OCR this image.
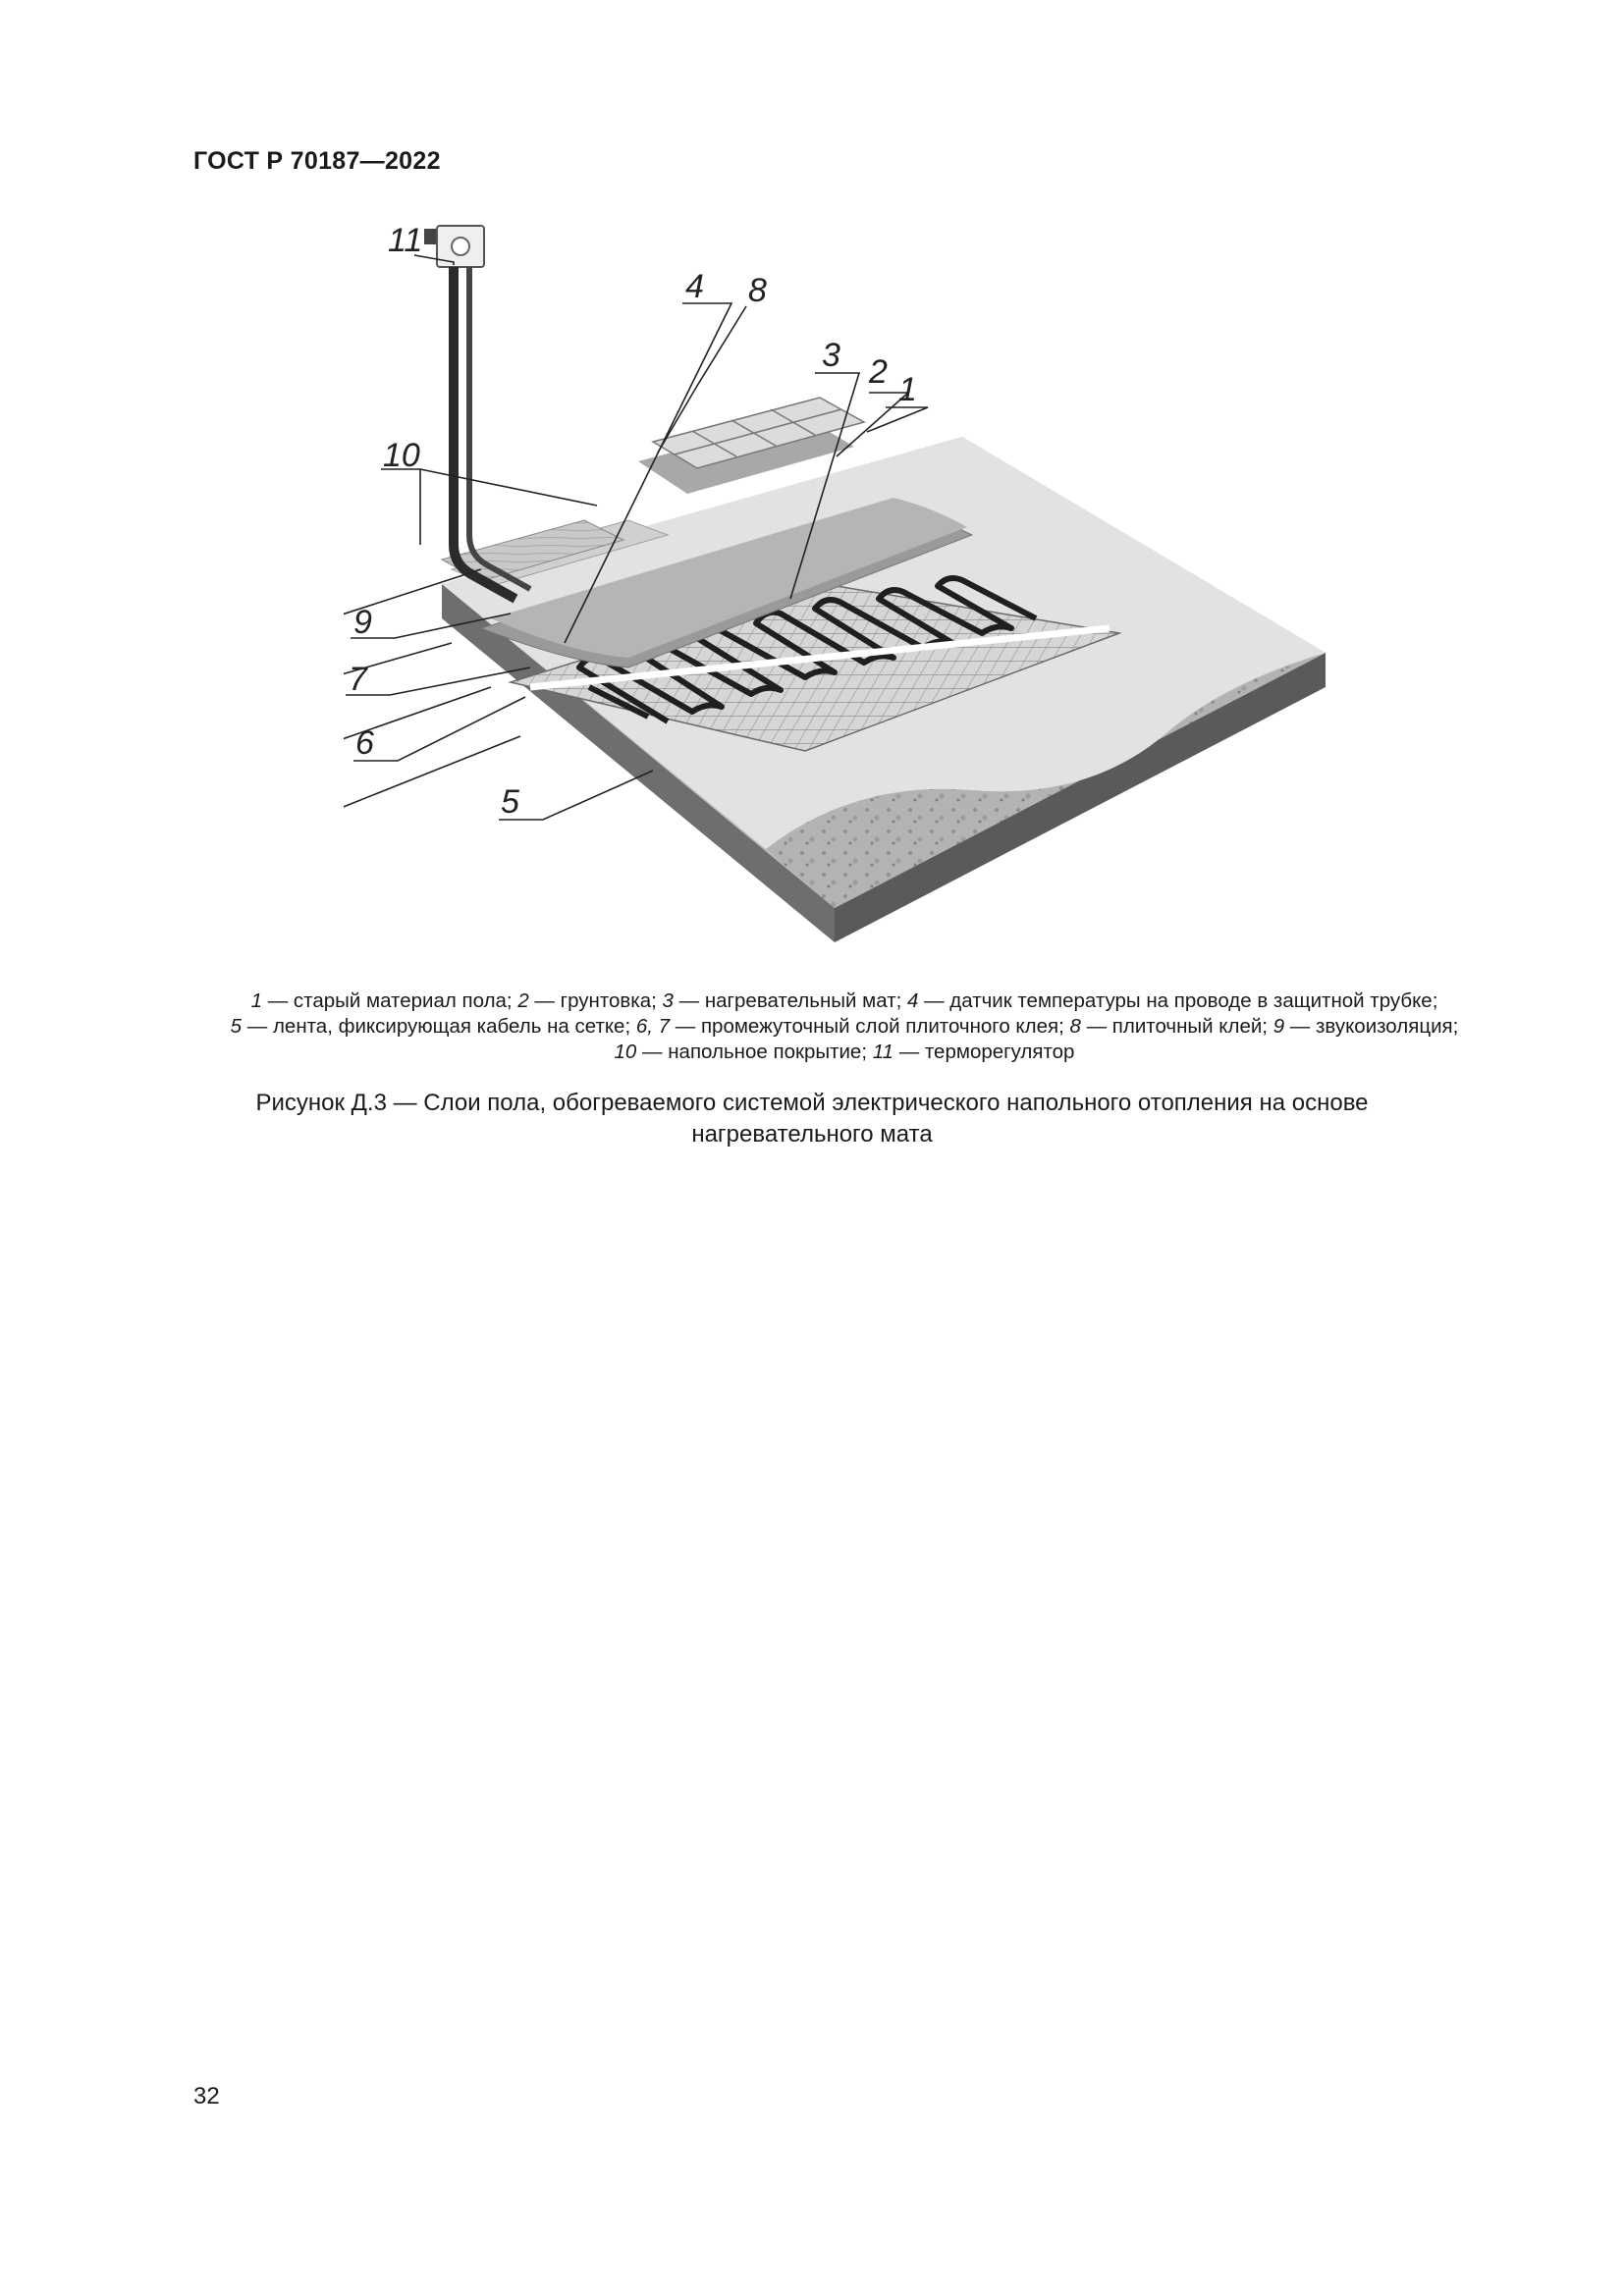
ГОСТ Р 70187—2022
11
10
4 8
3 2 1
9
7
6
5
1 — старый материал пола; 2 — грунтовка; 3 — нагревательный мат; 4 — датчик температуры на проводе в защитной трубке;
5 — лента, фиксирующая кабель на сетке; 6, 7 — промежуточный слой плиточного клея; 8 — плиточный клей; 9 — звукоизоляция;
10 — напольное покрытие; 11 — терморегулятор
Рисунок Д.3 — Слои пола, обогреваемого системой электрического напольного отопления на основе
нагревательного мата
32
